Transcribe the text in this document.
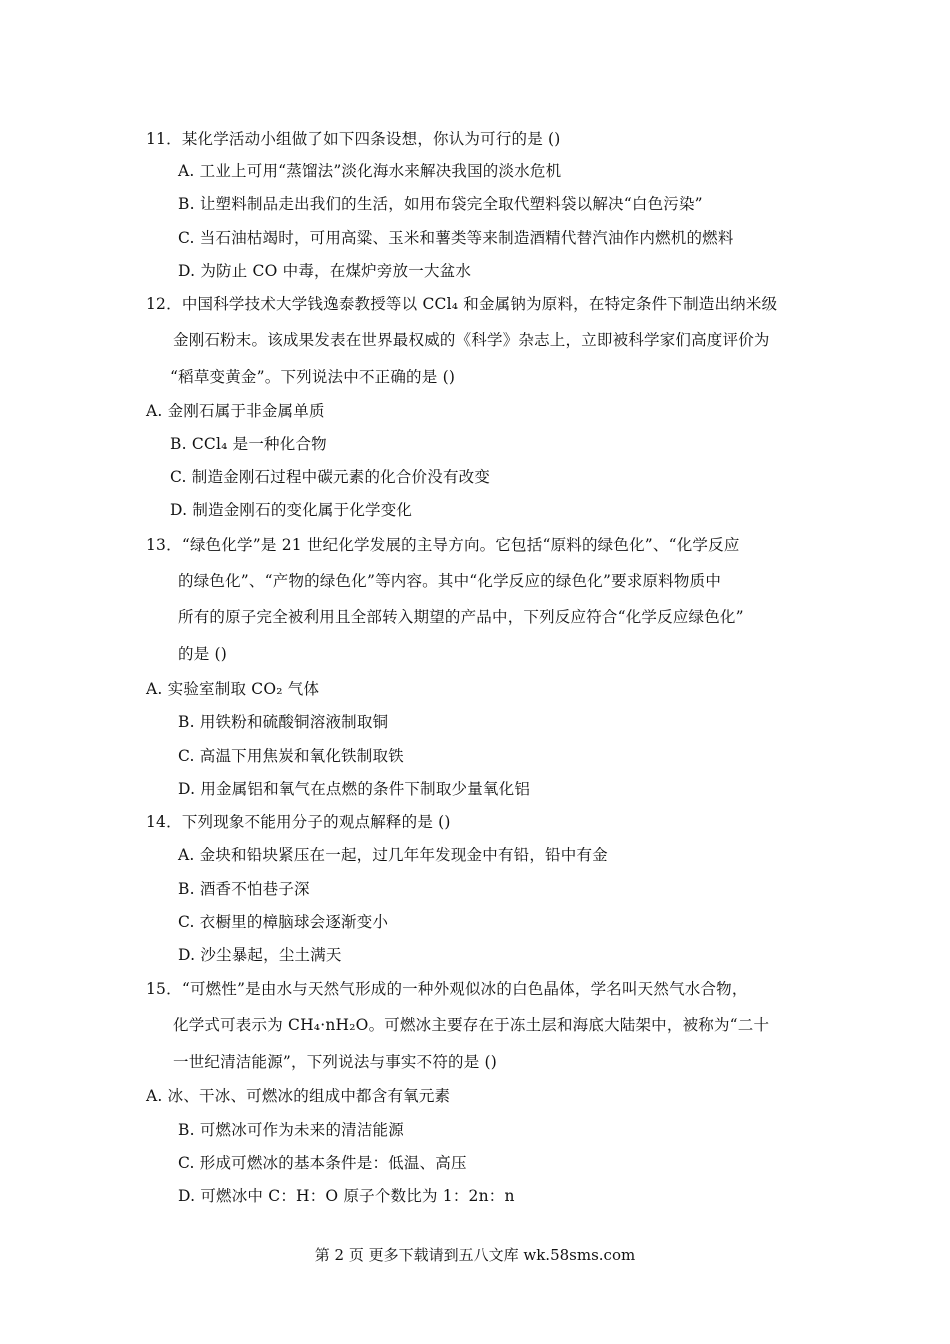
11．某化学活动小组做了如下四条设想，你认为可行的是 ()
A. 工业上可用“蒸馏法”淡化海水来解决我国的淡水危机
B. 让塑料制品走出我们的生活，如用布袋完全取代塑料袋以解决“白色污染”
C. 当石油枯竭时，可用高粱、玉米和薯类等来制造酒精代替汽油作内燃机的燃料
D. 为防止 CO 中毒，在煤炉旁放一大盆水
12．中国科学技术大学钱逸泰教授等以 CCl₄ 和金属钠为原料，在特定条件下制造出纳米级
金刚石粉末。该成果发表在世界最权威的《科学》杂志上，立即被科学家们高度评价为
“稻草变黄金”。下列说法中不正确的是 ()
A. 金刚石属于非金属单质
B. CCl₄ 是一种化合物
C. 制造金刚石过程中碳元素的化合价没有改变
D. 制造金刚石的变化属于化学变化
13．“绿色化学”是 21 世纪化学发展的主导方向。它包括“原料的绿色化”、“化学反应
的绿色化”、“产物的绿色化”等内容。其中“化学反应的绿色化”要求原料物质中
所有的原子完全被利用且全部转入期望的产品中，下列反应符合“化学反应绿色化”
的是 ()
A. 实验室制取 CO₂ 气体
B. 用铁粉和硫酸铜溶液制取铜
C. 高温下用焦炭和氧化铁制取铁
D. 用金属铝和氧气在点燃的条件下制取少量氧化铝
14．下列现象不能用分子的观点解释的是 ()
A. 金块和铅块紧压在一起，过几年年发现金中有铅，铅中有金
B. 酒香不怕巷子深
C. 衣橱里的樟脑球会逐渐变小
D. 沙尘暴起，尘土满天
15．“可燃性”是由水与天然气形成的一种外观似冰的白色晶体，学名叫天然气水合物，
化学式可表示为 CH₄·nH₂O。可燃冰主要存在于冻土层和海底大陆架中，被称为“二十
一世纪清洁能源”，下列说法与事实不符的是 ()
A. 冰、干冰、可燃冰的组成中都含有氧元素
B. 可燃冰可作为未来的清洁能源
C. 形成可燃冰的基本条件是：低温、高压
D. 可燃冰中 C：H：O 原子个数比为 1：2n：n
第 2 页 更多下载请到五八文库 wk.58sms.com
